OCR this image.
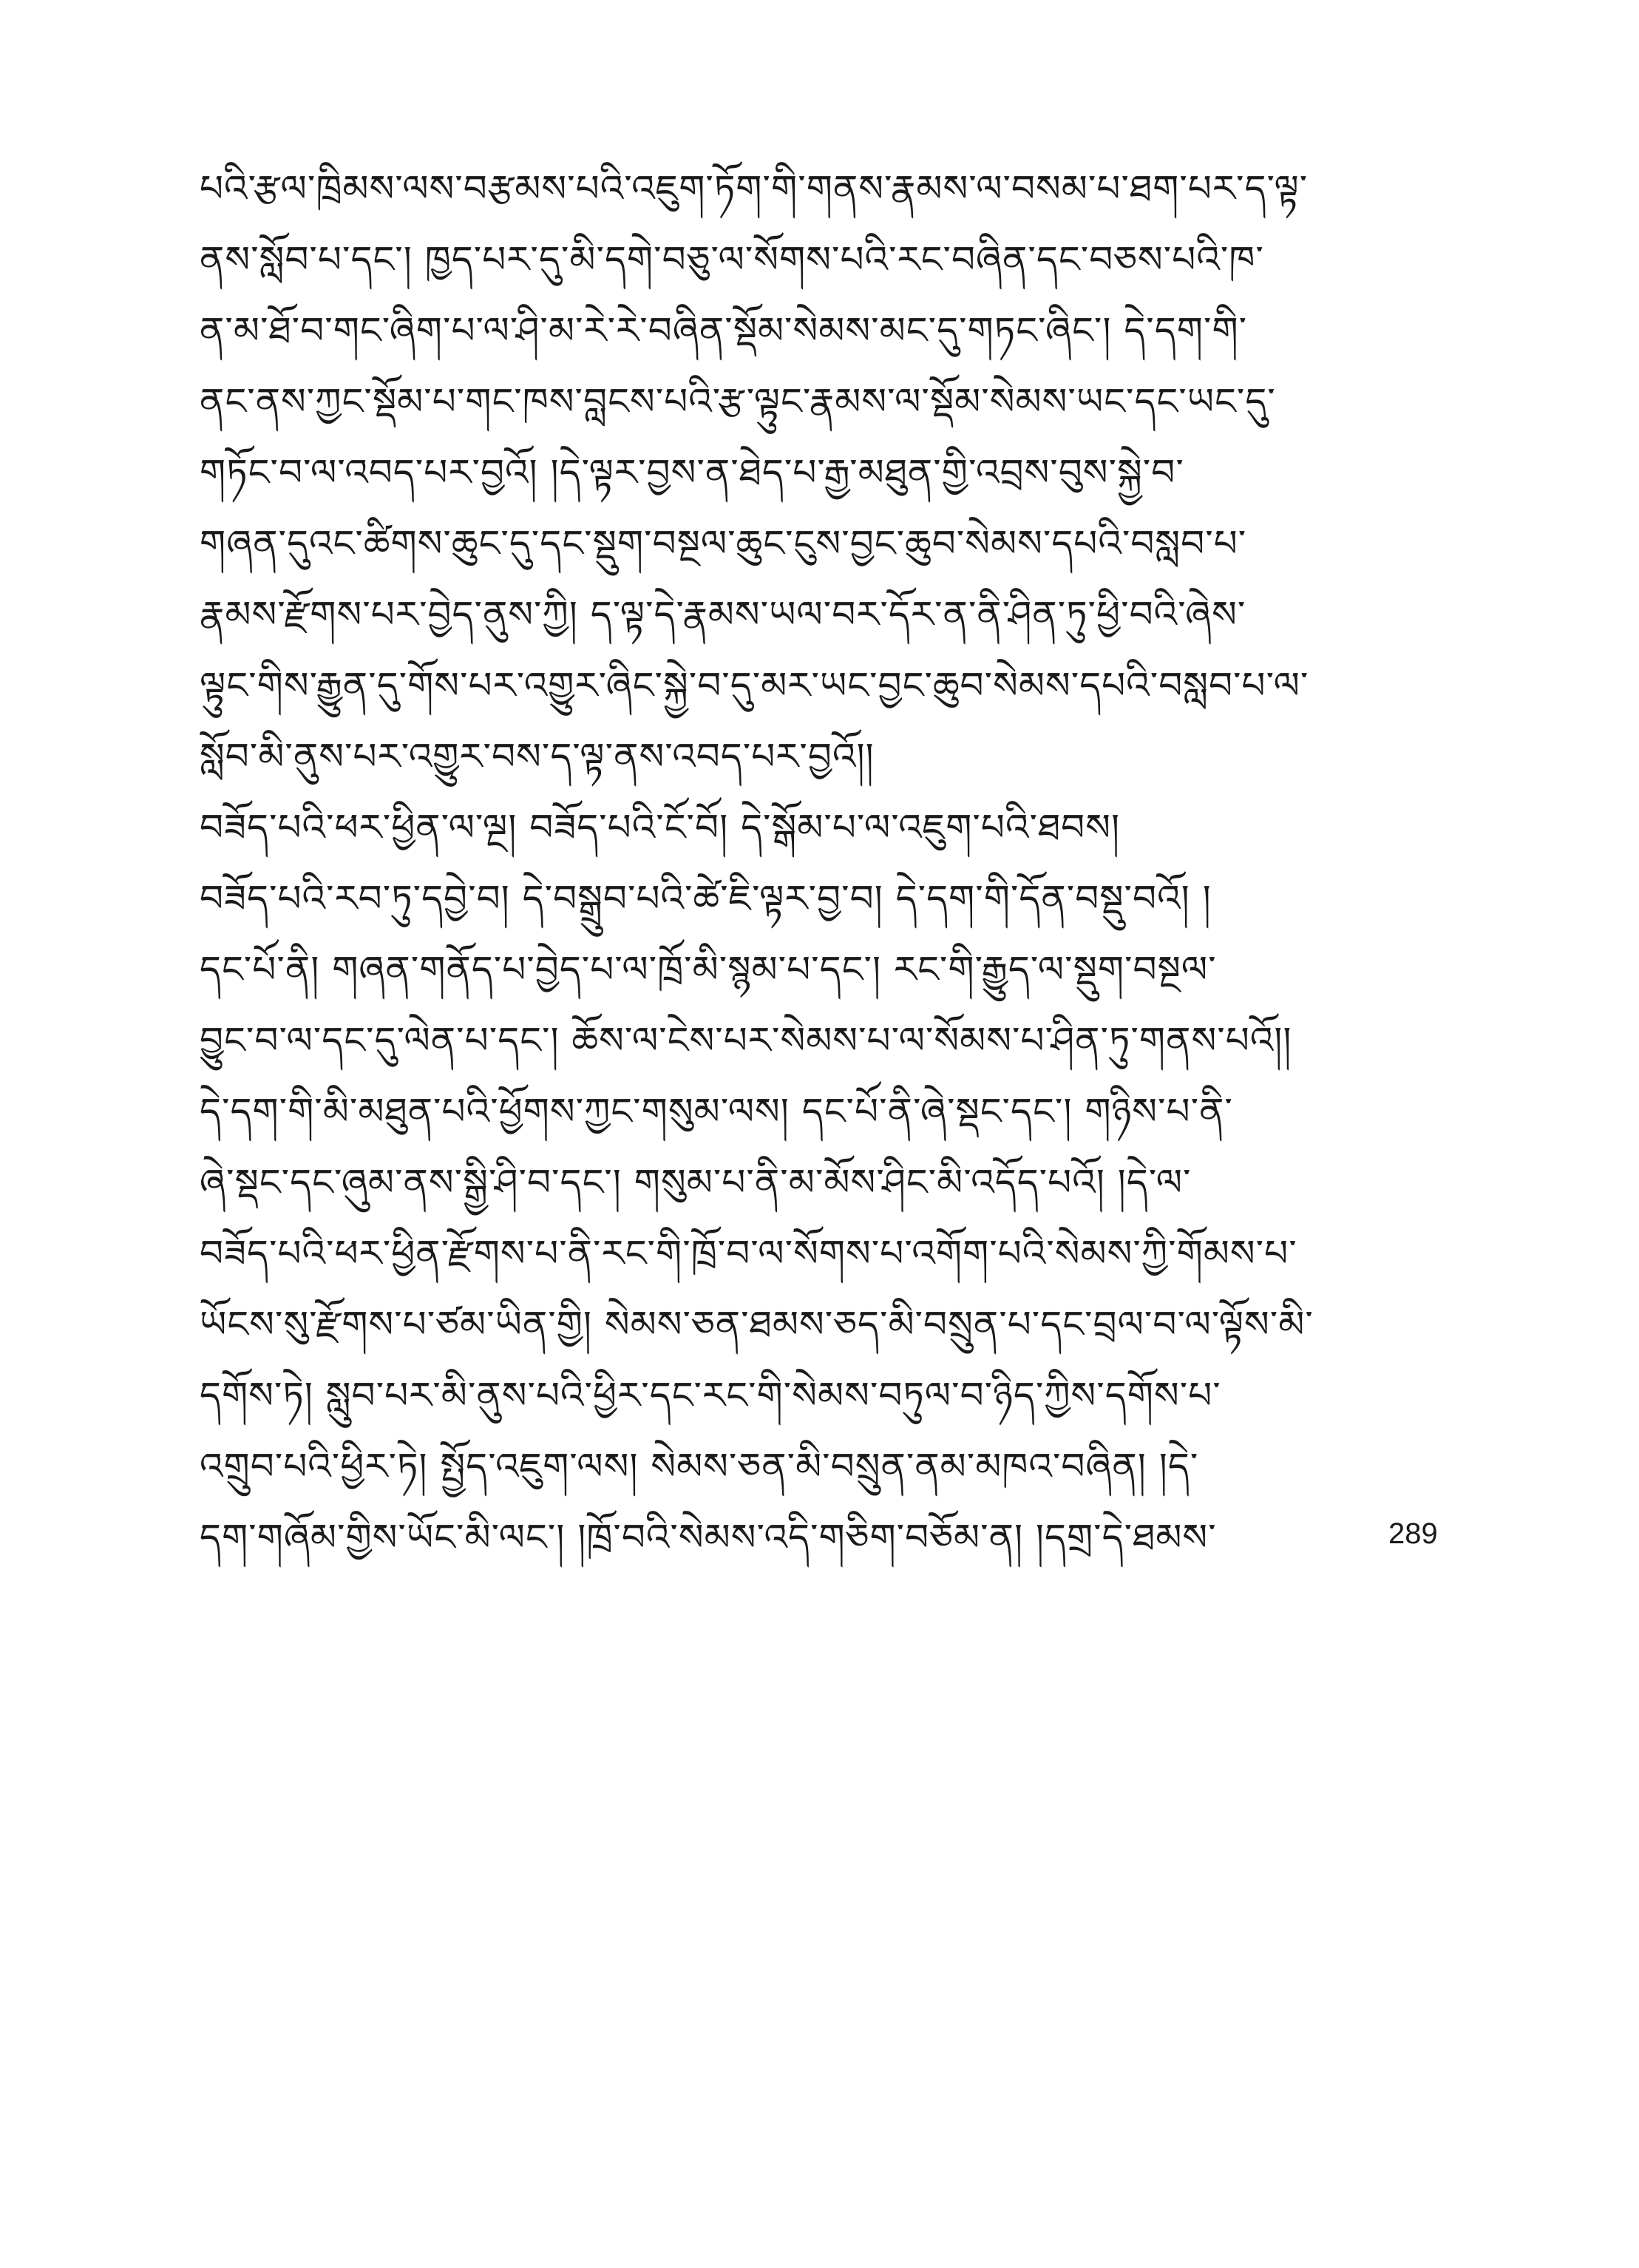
པའི་རྩལ་ཁྲིམས་ལས་བརྩམས་པའི་འཇུག་ཏོག་གི་གནས་རྣམས་ལ་བསམ་པ་ཐག་པར་ད་ལྟ་
ནས་སློབ་པ་དང་། ཁྱད་པར་དུ་མི་དགེ་བཅུ་ལ་སོགས་པའི་རང་བཞིན་དང་བཅས་པའི་ཁ་
ན་མ་ཐོ་བ་གང་ཞིག་པ་ལ་ཤི་མ་རེ་རེ་བཞིན་སྡོམ་སེམས་མང་དུ་གཏང་ཞིང་། དེ་དག་གི་
ནང་ནས་ཀྱང་སྡོམ་པ་གང་ཁས་བླངས་པའི་རྩ་ལྟུང་རྣམས་ལ་སྡོམ་སེམས་ཡང་དང་ཡང་དུ་
གཏོང་བ་ལ་འབད་པར་བྱའོ། །དེ་ལྟར་བྱས་ན་ཐེད་པ་རྒྱ་མཐུན་གྱི་འབྲས་བུས་སྐྱེ་བ་
གཞན་དུའང་ཚིགས་ཆུང་དུ་དང་སྡུག་བསྔལ་ཆུང་ངུས་བྱང་ཆུབ་སེམས་དཔའི་བསླབ་པ་
རྣམས་རྫོགས་པར་བྱེད་ནུས་ཀྱི། ད་ལྟ་དེ་རྣམས་ཡལ་བར་དོར་ན་ནི་ཤིན་ཏུ་ཕྱི་བའི་ཞེས་
ལྟུང་གིས་རྒྱུན་དུ་གོས་པར་འགྱུར་ཞིང་སྐྱེ་བ་དུ་མར་ཡང་བྱང་ཆུབ་སེམས་དཔའི་བསླབ་པ་ལ་
སློབ་མི་ནུས་པར་འགྱུར་བས་ད་ལྟ་ནས་འབད་པར་བྱའོ།།
བཟོད་པའི་ཕར་ཕྱིན་ལ་ལྔ། བཟོད་པའི་ངོ་བོ། དེ་སྒོམ་པ་ལ་འཇུག་པའི་ཐབས།
བཟོད་པའི་རབ་ཏུ་དབྱེ་བ། དེ་བསྒྲུབ་པའི་ཚེ་ཇི་ལྟར་བྱ་བ། དེ་དག་གི་དོན་བསྡུ་བའོ། །
དང་པོ་ནི། གཞན་གནོད་པ་བྱེད་པ་ལ་ཁྲོ་མི་སྙམ་པ་དང་། རང་གི་རྒྱུད་ལ་སྡུག་བསྔལ་
བྱུང་བ་ལ་དང་དུ་ལེན་པ་དང་། ཆོས་ལ་ངེས་པར་སེམས་པ་ལ་སོམས་པ་ཤིན་ཏུ་གནས་པའོ།།
དེ་དག་གི་མི་མཐུན་པའི་ཕྱོགས་ཀྱང་གསུམ་ལས། དང་པོ་ནི་ཞེ་སྡང་དང་། གཉིས་པ་ནི་
ཞེ་སྡང་དང་ཞུམ་ནས་སྒྱི་ཤི་བ་དང་། གསུམ་པ་ནི་མ་མོས་ཤིང་མི་འདོད་པའོ། །དེ་ལ་
བཟོད་པའི་ཕར་ཕྱིན་རྫོགས་པ་ནི་རང་གི་ཁྲོ་བ་ལ་སོགས་པ་འགོག་པའི་སེམས་ཀྱི་གོམས་པ་
ཡོངས་སུ་རྫོགས་པ་ཙམ་ཡིན་གྱི། སེམས་ཅན་ཐམས་ཅད་མི་བསྲུན་པ་དང་བྲལ་བ་ལ་ལྟོས་མི་
དགོས་ཏེ། སླུབ་པར་མི་ནུས་པའི་ཕྱིར་དང་རང་གི་སེམས་བཏུལ་བ་ཉིད་ཀྱིས་དགོས་པ་
འགྲུབ་པའི་ཕྱིར་ཏེ། སྤྱོད་འཇུག་ལས། སེམས་ཅན་མི་བསྲུན་ནམ་མཁའ་བཞིན། །དེ་
དག་གཞོམ་གྱིས་ཡོང་མི་ལང་། །ཁྲོ་བའི་སེམས་འདི་གཅིག་བཅོམ་ན། །དགྲ་དེ་ཐམས་	289
